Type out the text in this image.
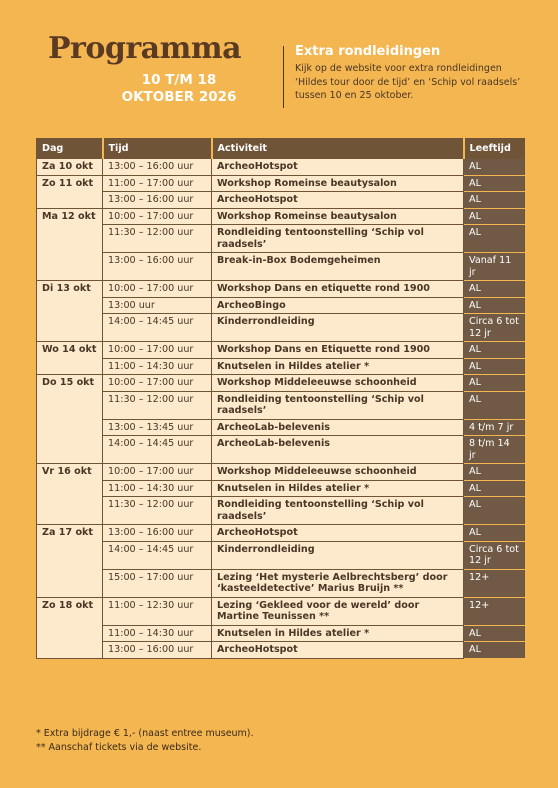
Programma
10 T/M 18
OKTOBER 2026
Extra rondleidingen
Kijk op de website voor extra rondleidingen ‘Hildes tour door de tijd’ en ‘Schip vol raadsels’ tussen 10 en 25 oktober.
Dag	Tijd	Activiteit	Leeftijd
Za 10 okt	13:00 – 16:00 uur	ArcheoHotspot	AL
Zo 11 okt	11:00 – 17:00 uur	Workshop Romeinse beautysalon	AL
	13:00 – 16:00 uur	ArcheoHotspot	AL
Ma 12 okt	10:00 – 17:00 uur	Workshop Romeinse beautysalon	AL
	11:30 – 12:00 uur	Rondleiding tentoonstelling ‘Schip vol raadsels’	AL
	13:00 – 16:00 uur	Break-in-Box Bodemgeheimen	Vanaf 11 jr
Di 13 okt	10:00 – 17:00 uur	Workshop Dans en etiquette rond 1900	AL
	13:00 uur	ArcheoBingo	AL
	14:00 – 14:45 uur	Kinderrondleiding	Circa 6 tot 12 jr
Wo 14 okt	10:00 – 17:00 uur	Workshop Dans en Etiquette rond 1900	AL
	11:00 – 14:30 uur	Knutselen in Hildes atelier *	AL
Do 15 okt	10:00 – 17:00 uur	Workshop Middeleeuwse schoonheid	AL
	11:30 – 12:00 uur	Rondleiding tentoonstelling ‘Schip vol raadsels’	AL
	13:00 – 13:45 uur	ArcheoLab-belevenis	4 t/m 7 jr
	14:00 – 14:45 uur	ArcheoLab-belevenis	8 t/m 14 jr
Vr 16 okt	10:00 – 17:00 uur	Workshop Middeleeuwse schoonheid	AL
	11:00 – 14:30 uur	Knutselen in Hildes atelier *	AL
	11:30 – 12:00 uur	Rondleiding tentoonstelling ‘Schip vol raadsels’	AL
Za 17 okt	13:00 – 16:00 uur	ArcheoHotspot	AL
	14:00 – 14:45 uur	Kinderrondleiding	Circa 6 tot 12 jr
	15:00 – 17:00 uur	Lezing ‘Het mysterie Aelbrechtsberg’ door ‘kasteeldetective’ Marius Bruijn **	12+
Zo 18 okt	11:00 – 12:30 uur	Lezing ‘Gekleed voor de wereld’ door Martine Teunissen **	12+
	11:00 – 14:30 uur	Knutselen in Hildes atelier *	AL
	13:00 – 16:00 uur	ArcheoHotspot	AL
* Extra bijdrage € 1,- (naast entree museum).
** Aanschaf tickets via de website.
